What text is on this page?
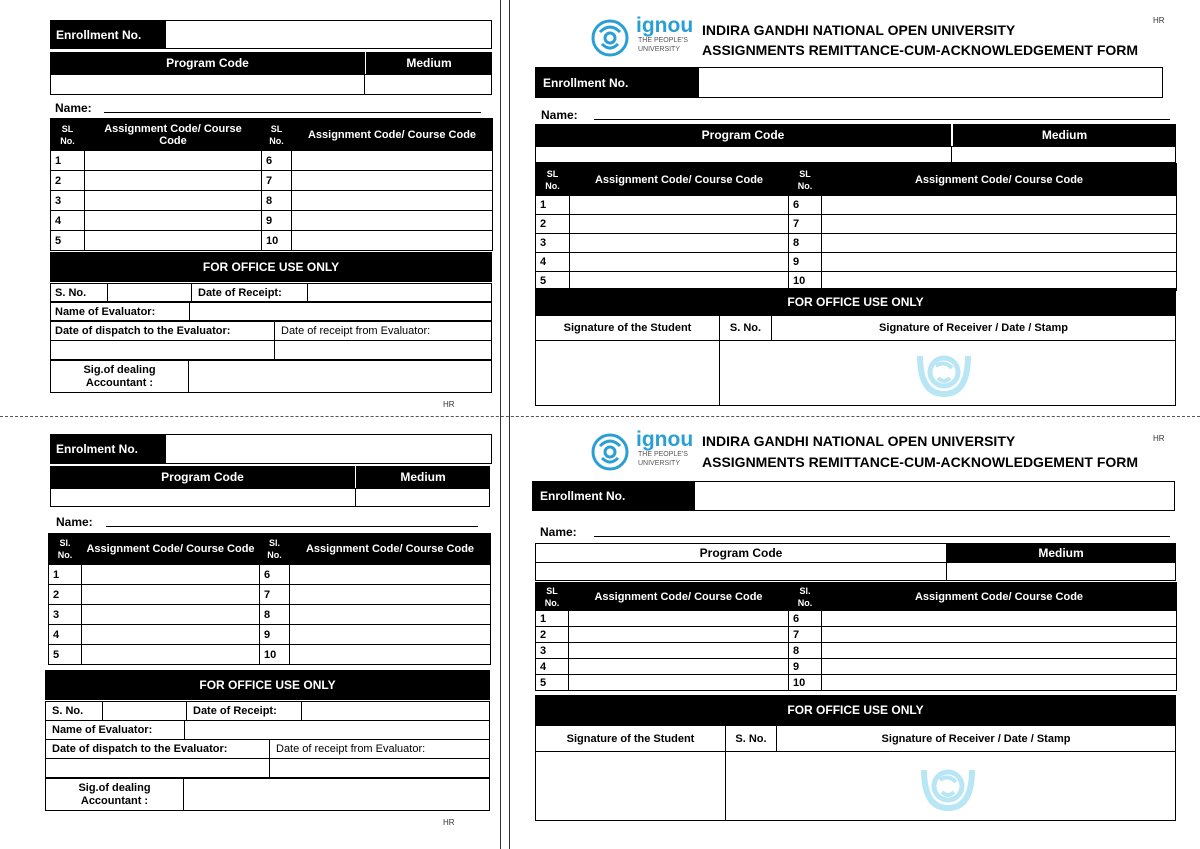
Enrollment No.
Program Code	Medium
Name:
SL No.	Assignment Code/ Course Code	SL No.	Assignment Code/ Course Code
1		6	
2		7	
3		8	
4		9	
5		10	
FOR OFFICE USE ONLY
S. No.	Date of Receipt:
Name of Evaluator:
Date of dispatch to the Evaluator:	Date of receipt from Evaluator:
Sig.of dealing Accountant :
HR
ignou
THE PEOPLE'S
UNIVERSITY
INDIRA GANDHI NATIONAL OPEN UNIVERSITY
ASSIGNMENTS REMITTANCE-CUM-ACKNOWLEDGEMENT FORM
HR
Enrollment No.
Name:
Program Code	Medium
SL No.	Assignment Code/ Course Code	SL No.	Assignment Code/ Course Code
1		6	
2		7	
3		8	
4		9	
5		10	
FOR OFFICE USE ONLY
Signature of the Student	S. No.	Signature of Receiver / Date / Stamp
Enrolment No.
Program Code	Medium
Name:
Sl. No.	Assignment Code/ Course Code	Sl. No.	Assignment Code/ Course Code
1		6	
2		7	
3		8	
4		9	
5		10	
FOR OFFICE USE ONLY
S. No.	Date of Receipt:
Name of Evaluator:
Date of dispatch to the Evaluator:	Date of receipt from Evaluator:
Sig.of dealing Accountant :
HR
ignou
THE PEOPLE'S
UNIVERSITY
INDIRA GANDHI NATIONAL OPEN UNIVERSITY
ASSIGNMENTS REMITTANCE-CUM-ACKNOWLEDGEMENT FORM
HR
Enrollment No.
Name:
Program Code	Medium
SL No.	Assignment Code/ Course Code	Sl. No.	Assignment Code/ Course Code
1		6	
2		7	
3		8	
4		9	
5		10	
FOR OFFICE USE ONLY
Signature of the Student	S. No.	Signature of Receiver / Date / Stamp
